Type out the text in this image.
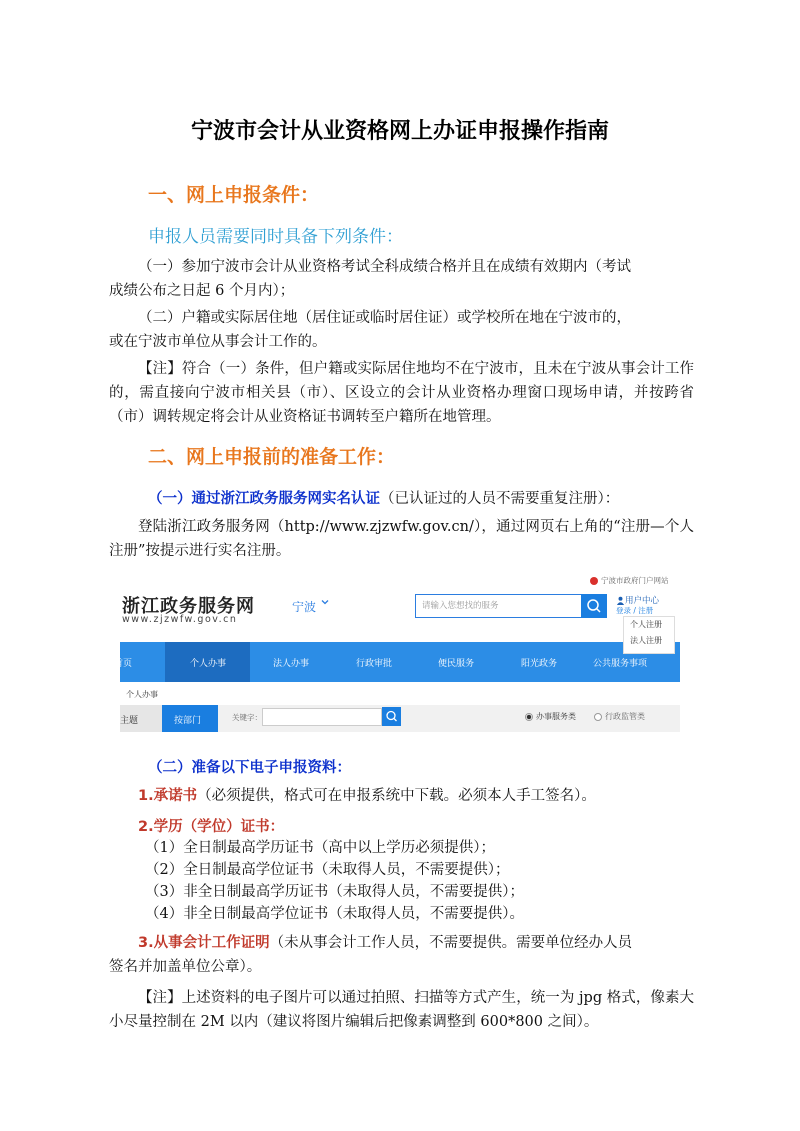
宁波市会计从业资格网上办证申报操作指南
一、网上申报条件：
申报人员需要同时具备下列条件：
（一）参加宁波市会计从业资格考试全科成绩合格并且在成绩有效期内（考试
成绩公布之日起 6 个月内）；
（二）户籍或实际居住地（居住证或临时居住证）或学校所在地在宁波市的，
或在宁波市单位从事会计工作的。
【注】符合（一）条件，但户籍或实际居住地均不在宁波市，且未在宁波从事会计工作的，需直接向宁波市相关县（市）、区设立的会计从业资格办理窗口现场申请，并按跨省（市）调转规定将会计从业资格证书调转至户籍所在地管理。
二、网上申报前的准备工作：
（一）通过浙江政务服务网实名认证（已认证过的人员不需要重复注册）：
登陆浙江政务服务网（http://www.zjzwfw.gov.cn/），通过网页右上角的“注册—个人注册”按提示进行实名注册。
浙江政务服务网
www.zjzwfw.gov.cn
宁波	请输入您想找的服务
宁波市政府门户网站
用户中心
登录 / 注册
个人注册
法人注册
首页	个人办事	法人办事	行政审批	便民服务	阳光政务	公共服务事项
个人办事
主题	按部门	关键字：	办事服务类	行政监管类
（二）准备以下电子申报资料：
1.承诺书（必须提供，格式可在申报系统中下载。必须本人手工签名）。
2.学历（学位）证书：
（1）全日制最高学历证书（高中以上学历必须提供）；
（2）全日制最高学位证书（未取得人员，不需要提供）；
（3）非全日制最高学历证书（未取得人员，不需要提供）；
（4）非全日制最高学位证书（未取得人员，不需要提供）。
3.从事会计工作证明（未从事会计工作人员，不需要提供。需要单位经办人员
签名并加盖单位公章）。
【注】上述资料的电子图片可以通过拍照、扫描等方式产生，统一为 jpg 格式，像素大小尽量控制在 2M 以内（建议将图片编辑后把像素调整到 600*800 之间）。
